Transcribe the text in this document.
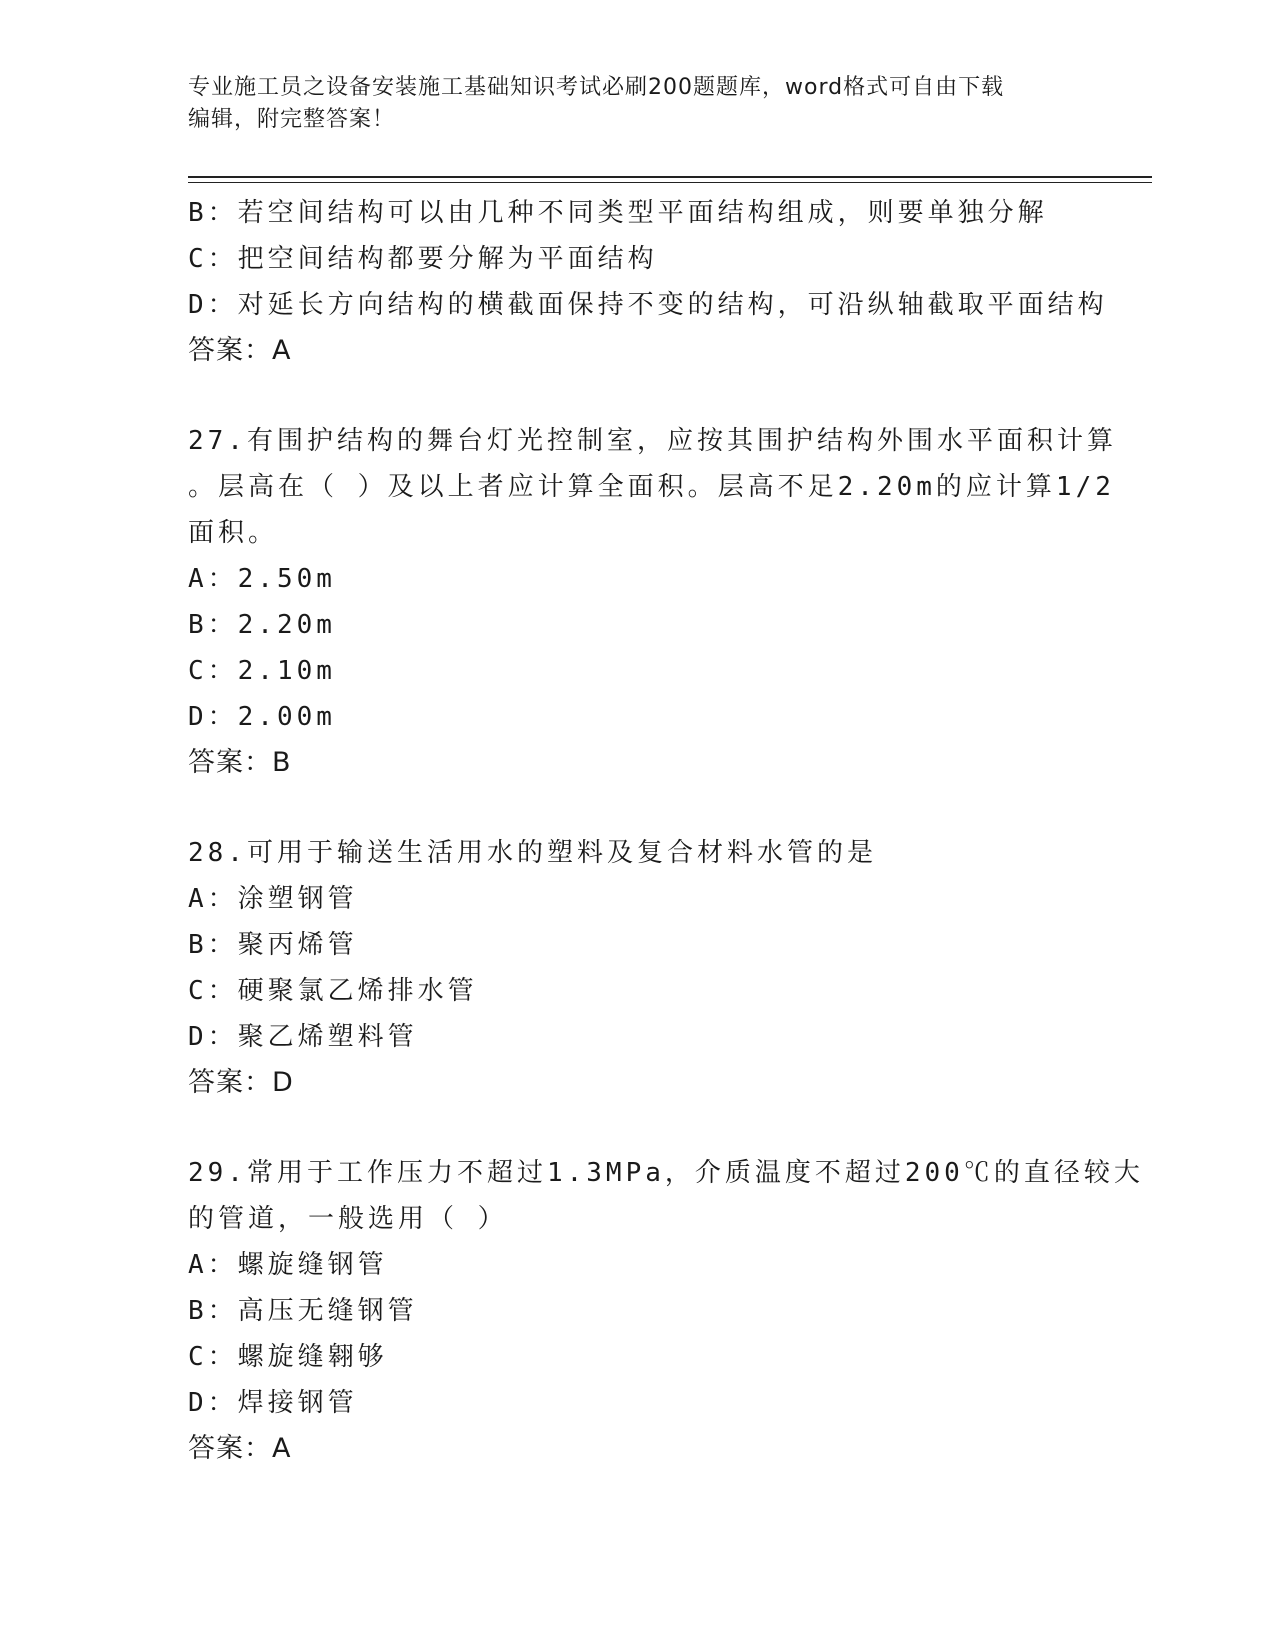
专业施工员之设备安装施工基础知识考试必刷200题题库，word格式可自由下载
编辑，附完整答案！
B：若空间结构可以由几种不同类型平面结构组成，则要单独分解
C：把空间结构都要分解为平面结构
D：对延长方向结构的横截面保持不变的结构，可沿纵轴截取平面结构
答案：A
27.有围护结构的舞台灯光控制室，应按其围护结构外围水平面积计算
。层高在（ ）及以上者应计算全面积。层高不足2.20m的应计算1/2
面积。
A：2.50m
B：2.20m
C：2.10m
D：2.00m
答案：B
28.可用于输送生活用水的塑料及复合材料水管的是
A：涂塑钢管
B：聚丙烯管
C：硬聚氯乙烯排水管
D：聚乙烯塑料管
答案：D
29.常用于工作压力不超过1.3MPa，介质温度不超过200℃的直径较大
的管道，一般选用（ ）
A：螺旋缝钢管
B：高压无缝钢管
C：螺旋缝翱够
D：焊接钢管
答案：A
